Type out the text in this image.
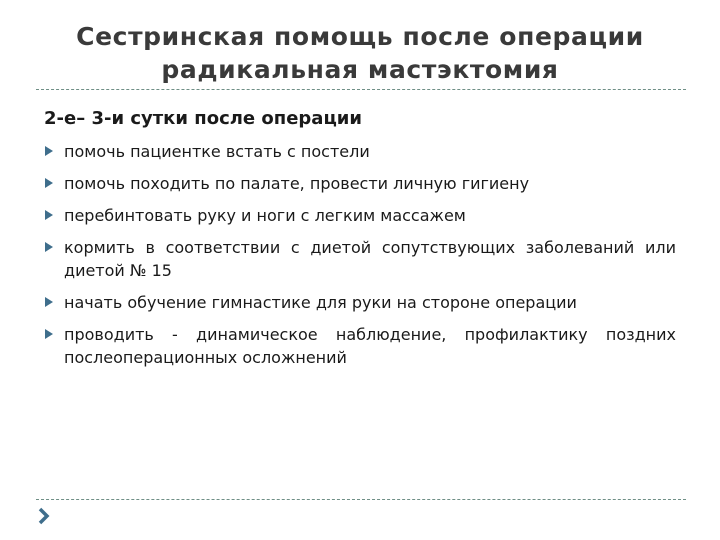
Сестринская помощь после операции
радикальная мастэктомия

2-е– 3-и сутки после операции

помочь пациентке встать с постели
помочь походить по палате, провести личную гигиену
перебинтовать руку и ноги с легким массажем
кормить в соответствии с диетой сопутствующих заболеваний или диетой № 15
начать обучение гимнастике для руки на стороне операции
проводить - динамическое наблюдение, профилактику поздних послеоперационных осложнений
